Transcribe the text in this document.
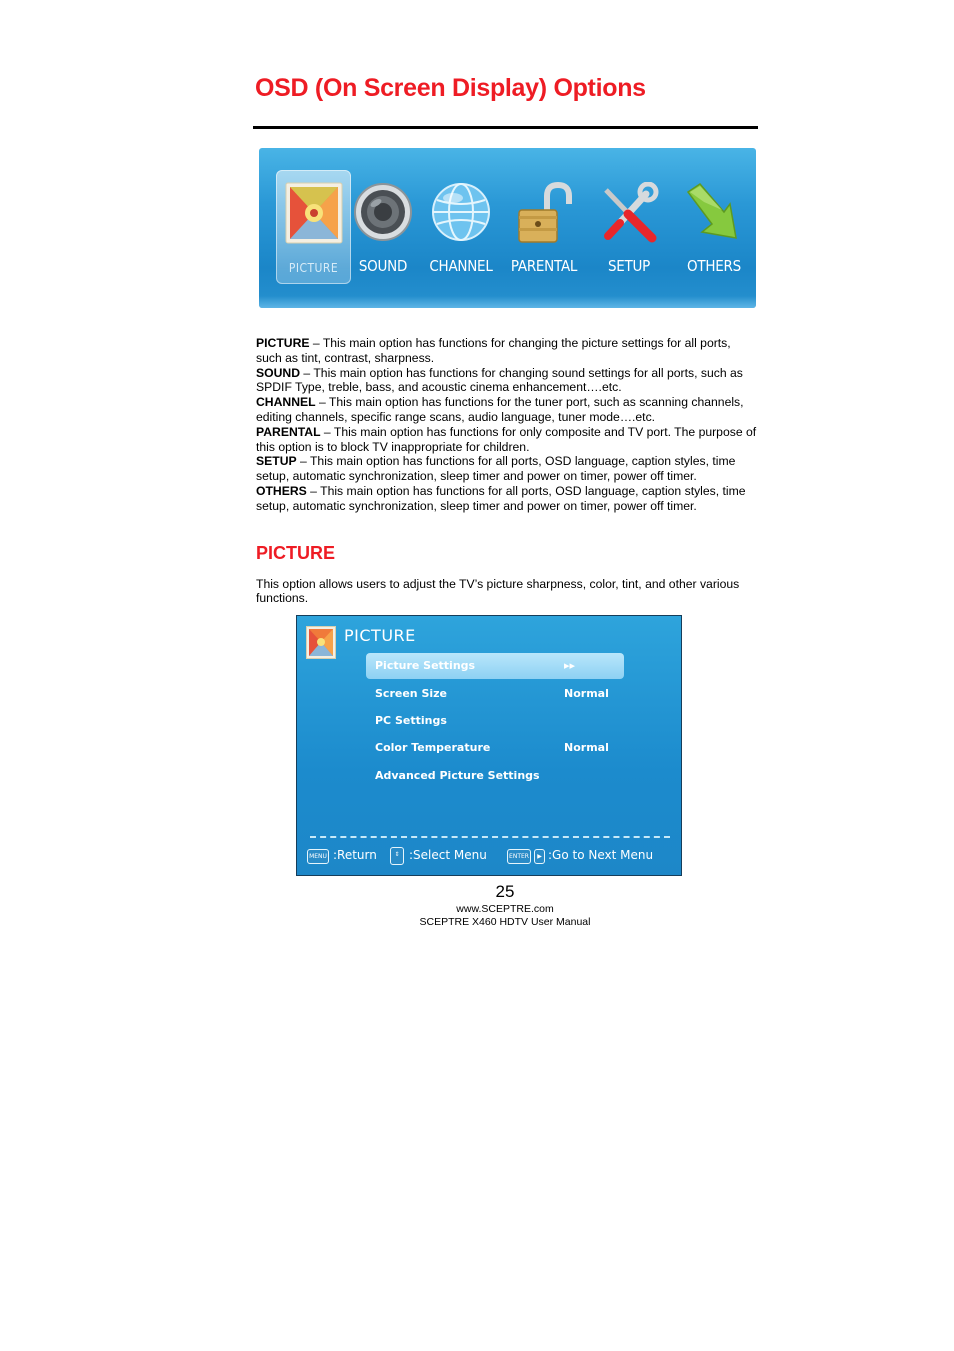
OSD (On Screen Display) Options
PICTURE	SOUND CHANNEL PARENTAL	SETUP	OTHERS

PICTURE – This main option has functions for changing the picture settings for all ports, such as tint, contrast, sharpness.

SOUND – This main option has functions for changing sound settings for all ports, such as SPDIF Type, treble, bass, and acoustic cinema enhancement….etc.

CHANNEL – This main option has functions for the tuner port, such as scanning channels, editing channels, specific range scans, audio language, tuner mode….etc.

PARENTAL – This main option has functions for only composite and TV port. The purpose of this option is to block TV inappropriate for children.

SETUP – This main option has functions for all ports, OSD language, caption styles, time setup, automatic synchronization, sleep timer and power on timer, power off timer.

OTHERS – This main option has functions for all ports, OSD language, caption styles, time setup, automatic synchronization, sleep timer and power on timer, power off timer.

PICTURE
This option allows users to adjust the TV’s picture sharpness, color, tint, and other various functions.
PICTURE
Picture Settings	▸▸
Screen Size	Normal
PC Settings
Color Temperature	Normal
Advanced Picture Settings
MENU :Return	⇕ :Select Menu	ENTER	▶ :Go to Next Menu
25
www.SCEPTRE.com
SCEPTRE X460 HDTV User Manual
